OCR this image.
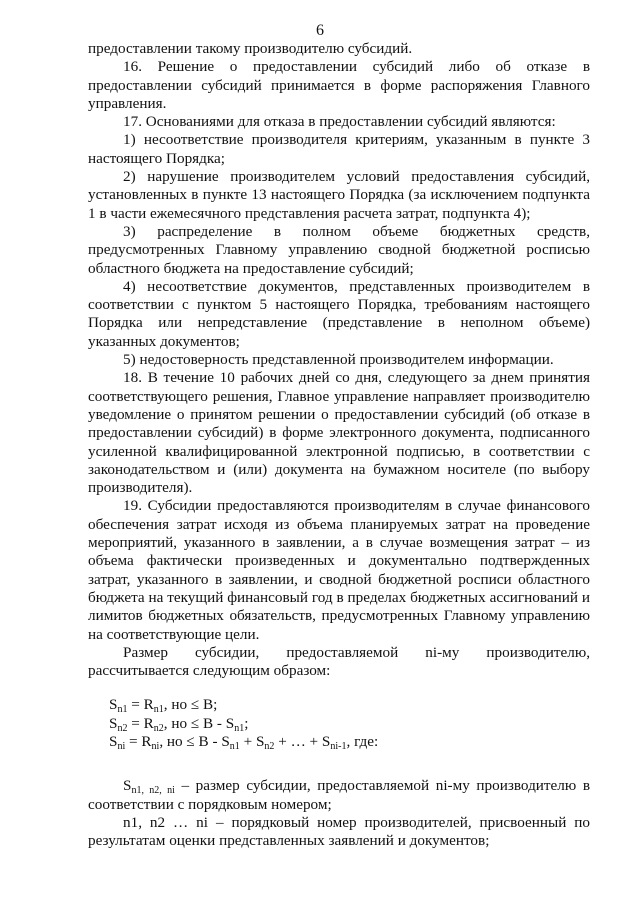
6

предоставлении такому производителю субсидий.

16. Решение о предоставлении субсидий либо об отказе в предоставлении субсидий принимается в форме распоряжения Главного управления.

17. Основаниями для отказа в предоставлении субсидий являются:

1) несоответствие производителя критериям, указанным в пункте 3 настоящего Порядка;

2) нарушение производителем условий предоставления субсидий, установленных в пункте 13 настоящего Порядка (за исключением подпункта 1 в части ежемесячного представления расчета затрат, подпункта 4);

3) распределение в полном объеме бюджетных средств, предусмотренных Главному управлению сводной бюджетной росписью областного бюджета на предоставление субсидий;

4) несоответствие документов, представленных производителем в соответствии с пунктом 5 настоящего Порядка, требованиям настоящего Порядка или непредставление (представление в неполном объеме) указанных документов;

5) недостоверность представленной производителем информации.

18. В течение 10 рабочих дней со дня, следующего за днем принятия соответствующего решения, Главное управление направляет производителю уведомление о принятом решении о предоставлении субсидий (об отказе в предоставлении субсидий) в форме электронного документа, подписанного усиленной квалифицированной электронной подписью, в соответствии с законодательством и (или) документа на бумажном носителе (по выбору производителя).

19. Субсидии предоставляются производителям в случае финансового обеспечения затрат исходя из объема планируемых затрат на проведение мероприятий, указанного в заявлении, а в случае возмещения затрат – из объема фактически произведенных и документально подтвержденных затрат, указанного в заявлении, и сводной бюджетной росписи областного бюджета на текущий финансовый год в пределах бюджетных ассигнований и лимитов бюджетных обязательств, предусмотренных Главному управлению на соответствующие цели.

Размер субсидии, предоставляемой ni-му производителю, рассчитывается следующим образом:

$S_{n1} = R_{n1}$, но ≤ B;
$S_{n2} = R_{n2}$, но ≤ B - $S_{n1}$;
$S_{ni} = R_{ni}$, но ≤ $B - S_{n1} + S_{n2}$ + … + $S_{ni-1}$, где:

$S_{n1, n2, ni}$ – размер субсидии, предоставляемой ni-му производителю в соответствии с порядковым номером;

n1, n2 … ni – порядковый номер производителей, присвоенный по результатам оценки представленных заявлений и документов;
